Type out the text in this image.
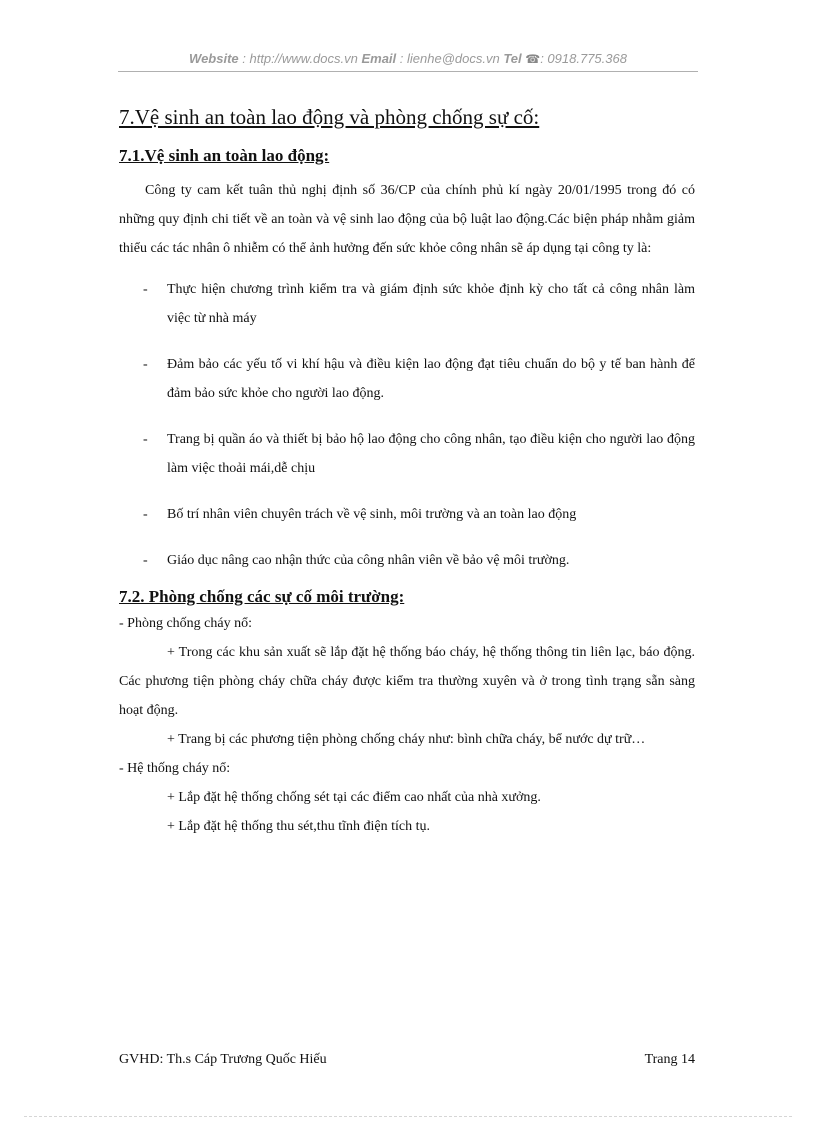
Website : http://www.docs.vn Email : lienhe@docs.vn Tel ☎: 0918.775.368
7.Vệ sinh an toàn lao động và phòng chống sự cố:
7.1.Vệ sinh an toàn lao động:

Công ty cam kết tuân thủ nghị định số 36/CP của chính phủ kí ngày 20/01/1995 trong đó có những quy định chi tiết về an toàn và vệ sinh lao động của bộ luật lao động.Các biện pháp nhằm giảm thiểu các tác nhân ô nhiễm có thể ảnh hưởng đến sức khỏe công nhân sẽ áp dụng tại công ty là:

- Thực hiện chương trình kiểm tra và giám định sức khỏe định kỳ cho tất cả công nhân làm việc từ nhà máy
- Đảm bảo các yếu tố vi khí hậu và điều kiện lao động đạt tiêu chuẩn do bộ y tế ban hành để đảm bảo sức khỏe cho người lao động.
- Trang bị quần áo và thiết bị bảo hộ lao động cho công nhân, tạo điều kiện cho người lao động làm việc thoải mái,dễ chịu
- Bố trí nhân viên chuyên trách về vệ sinh, môi trường và an toàn lao động
- Giáo dục nâng cao nhận thức của công nhân viên về bảo vệ môi trường.
7.2. Phòng chống các sự cố môi trường:

- Phòng chống cháy nổ:

+ Trong các khu sản xuất sẽ lắp đặt hệ thống báo cháy, hệ thống thông tin liên lạc, báo động. Các phương tiện phòng cháy chữa cháy được kiểm tra thường xuyên và ở trong tình trạng sẵn sàng hoạt động.

+ Trang bị các phương tiện phòng chống cháy như: bình chữa cháy, bể nước dự trữ…

- Hệ thống cháy nổ:

+ Lắp đặt hệ thống chống sét tại các điểm cao nhất của nhà xưởng.

+ Lắp đặt hệ thống thu sét,thu tĩnh điện tích tụ.

GVHD: Th.s Cáp Trương Quốc Hiếu	Trang 14
